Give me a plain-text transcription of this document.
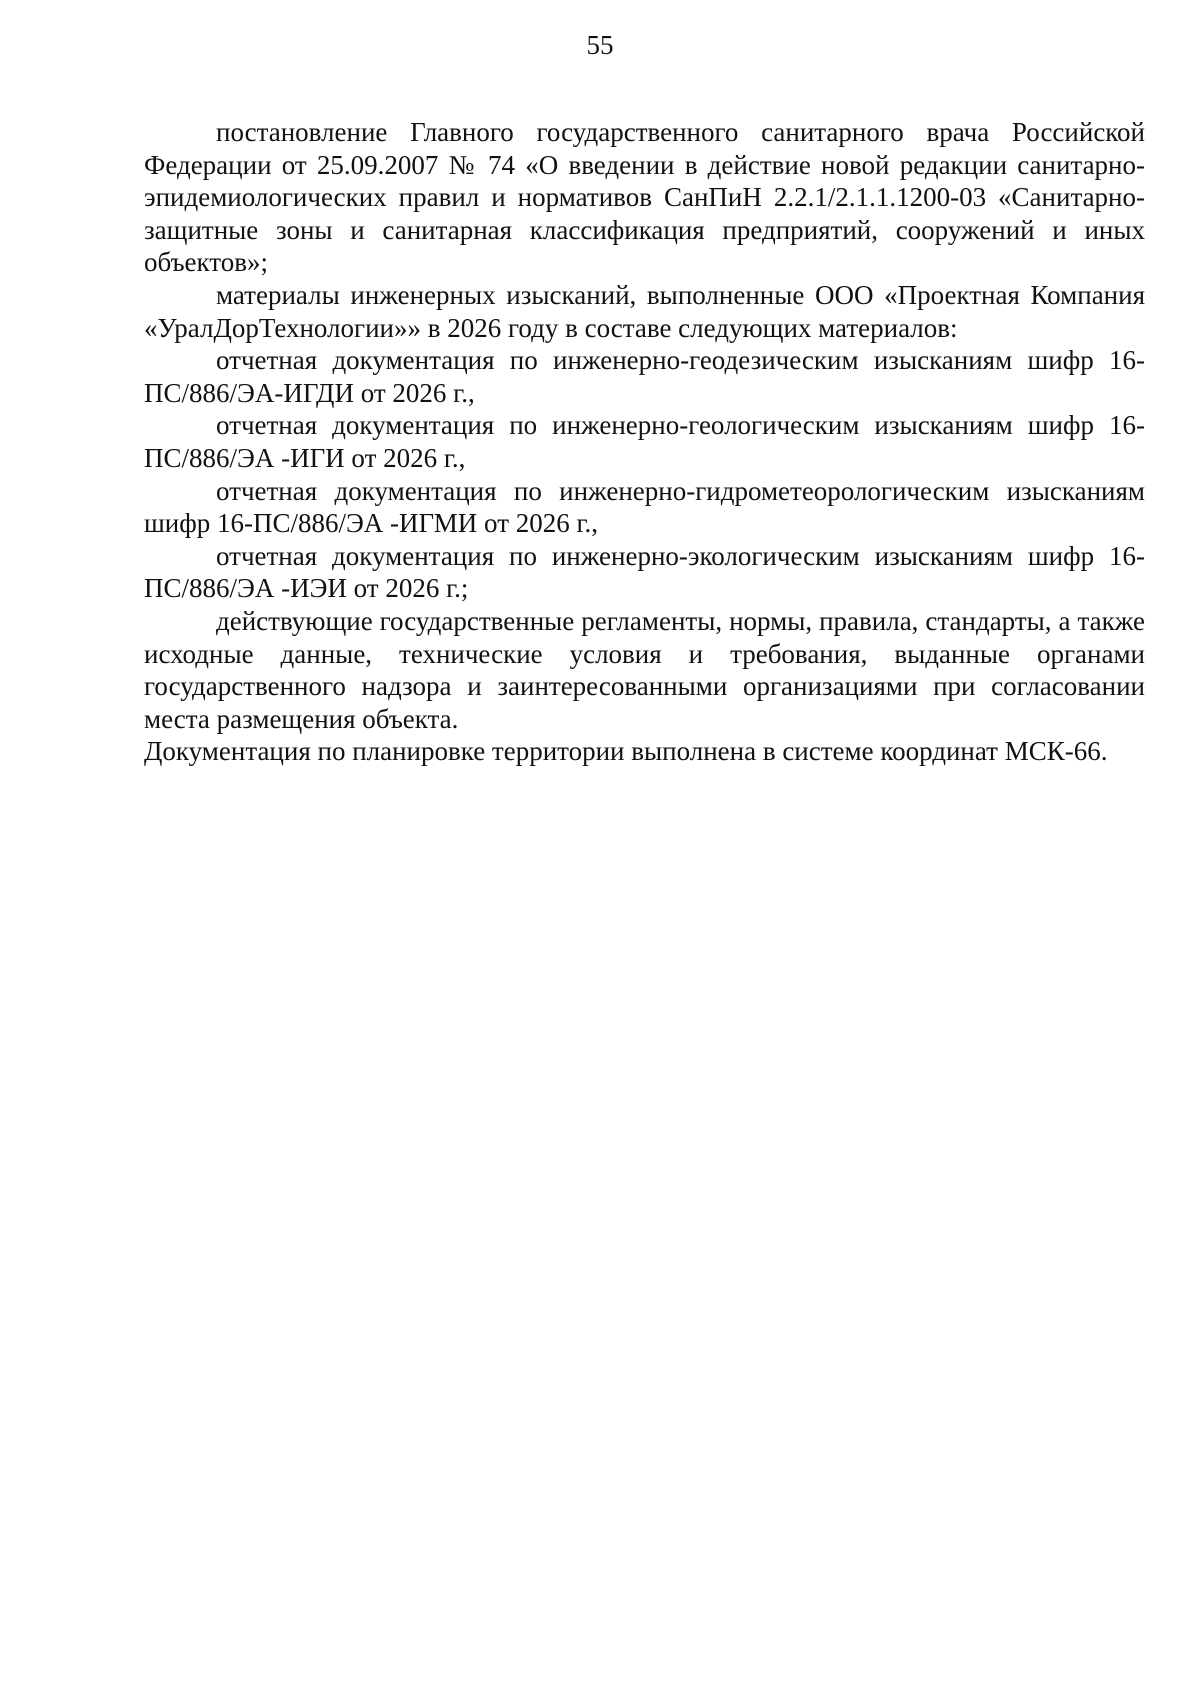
55

постановление Главного государственного санитарного врача Российской Федерации от 25.09.2007 № 74 «О введении в действие новой редакции санитарно-эпидемиологических правил и нормативов СанПиН 2.2.1/2.1.1.1200-03 «Санитарно-защитные зоны и санитарная классификация предприятий, сооружений и иных объектов»;

материалы инженерных изысканий, выполненные ООО «Проектная Компания «УралДорТехнологии»» в 2026 году в составе следующих материалов:

отчетная документация по инженерно-геодезическим изысканиям шифр 16-ПС/886/ЭА-ИГДИ от 2026 г.,

отчетная документация по инженерно-геологическим изысканиям шифр 16-ПС/886/ЭА -ИГИ от 2026 г.,

отчетная документация по инженерно-гидрометеорологическим изысканиям шифр 16-ПС/886/ЭА -ИГМИ от 2026 г.,

отчетная документация по инженерно-экологическим изысканиям шифр 16-ПС/886/ЭА -ИЭИ от 2026 г.;

действующие государственные регламенты, нормы, правила, стандарты, а также исходные данные, технические условия и требования, выданные органами государственного надзора и заинтересованными организациями при согласовании места размещения объекта.

Документация по планировке территории выполнена в системе координат МСК-66.
